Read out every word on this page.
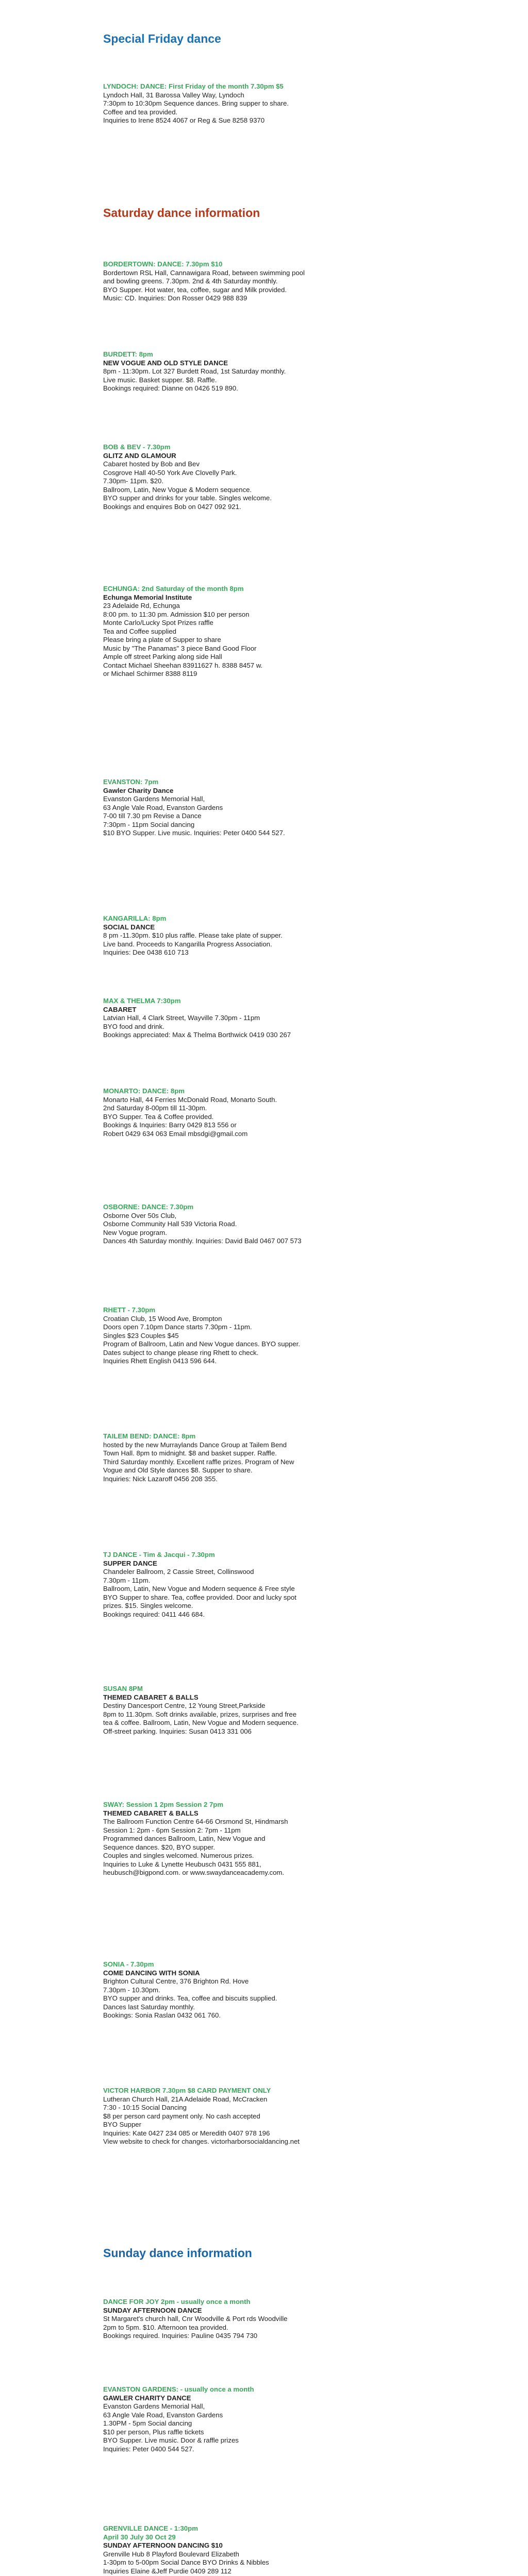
Special Friday dance
LYNDOCH: DANCE: First Friday of the month 7.30pm $5
Lyndoch Hall, 31 Barossa Valley Way, Lyndoch
7:30pm to 10:30pm Sequence dances. Bring supper to share.
Coffee and tea provided.
Inquiries to Irene 8524 4067 or Reg & Sue 8258 9370
Saturday dance information
BORDERTOWN: DANCE: 7.30pm $10
Bordertown RSL Hall, Cannawigara Road, between swimming pool
and bowling greens. 7.30pm. 2nd & 4th Saturday monthly.
BYO Supper. Hot water, tea, coffee, sugar and Milk provided.
Music: CD. Inquiries: Don Rosser 0429 988 839
BURDETT: 8pm
NEW VOGUE AND OLD STYLE DANCE
8pm - 11:30pm. Lot 327 Burdett Road, 1st Saturday monthly.
Live music. Basket supper. $8. Raffle.
Bookings required: Dianne on 0426 519 890.
BOB & BEV - 7.30pm
GLITZ AND GLAMOUR
Cabaret hosted by Bob and Bev
Cosgrove Hall 40-50 York Ave Clovelly Park.
7.30pm- 11pm. $20.
Ballroom, Latin, New Vogue & Modern sequence.
BYO supper and drinks for your table. Singles welcome.
Bookings and enquires Bob on 0427 092 921.
ECHUNGA: 2nd Saturday of the month 8pm
Echunga Memorial Institute
23 Adelaide Rd, Echunga
8:00 pm. to 11:30 pm. Admission $10 per person
Monte Carlo/Lucky Spot Prizes raffle
Tea and Coffee supplied
Please bring a plate of Supper to share
Music by "The Panamas" 3 piece Band Good Floor
Ample off street Parking along side Hall
Contact Michael Sheehan 83911627 h. 8388 8457 w.
or Michael Schirmer 8388 8119
EVANSTON: 7pm
Gawler Charity Dance
Evanston Gardens Memorial Hall,
63 Angle Vale Road, Evanston Gardens
7-00 till 7.30 pm Revise a Dance
7:30pm - 11pm Social dancing
$10 BYO Supper. Live music. Inquiries: Peter 0400 544 527.
KANGARILLA: 8pm
SOCIAL DANCE
8 pm -11.30pm. $10 plus raffle. Please take plate of supper.
Live band. Proceeds to Kangarilla Progress Association.
Inquiries: Dee 0438 610 713
MAX & THELMA 7:30pm
CABARET
Latvian Hall, 4 Clark Street, Wayville 7.30pm - 11pm
BYO food and drink.
Bookings appreciated: Max & Thelma Borthwick 0419 030 267
MONARTO: DANCE: 8pm
Monarto Hall, 44 Ferries McDonald Road, Monarto South.
2nd Saturday 8-00pm till 11-30pm.
BYO Supper. Tea & Coffee provided.
Bookings & Inquiries: Barry 0429 813 556 or
Robert 0429 634 063 Email mbsdgi@gmail.com
OSBORNE: DANCE: 7.30pm
Osborne Over 50s Club,
Osborne Community Hall 539 Victoria Road.
New Vogue program.
Dances 4th Saturday monthly. Inquiries: David Bald 0467 007 573
RHETT - 7.30pm
Croatian Club, 15 Wood Ave, Brompton
Doors open 7.10pm Dance starts 7.30pm - 11pm.
Singles $23 Couples $45
Program of Ballroom, Latin and New Vogue dances. BYO supper.
Dates subject to change please ring Rhett to check.
Inquiries Rhett English 0413 596 644.
TAILEM BEND: DANCE: 8pm
hosted by the new Murraylands Dance Group at Tailem Bend
Town Hall. 8pm to midnight. $8 and basket supper. Raffle.
Third Saturday monthly. Excellent raffle prizes. Program of New
Vogue and Old Style dances $8. Supper to share.
Inquiries: Nick Lazaroff 0456 208 355.
TJ DANCE - Tim & Jacqui - 7.30pm
SUPPER DANCE
Chandeler Ballroom, 2 Cassie Street, Collinswood
7.30pm - 11pm.
Ballroom, Latin, New Vogue and Modern sequence & Free style
BYO Supper to share. Tea, coffee provided. Door and lucky spot
prizes. $15. Singles welcome.
Bookings required: 0411 446 684.
SUSAN 8PM
THEMED CABARET & BALLS
Destiny Dancesport Centre, 12 Young Street,Parkside
8pm to 11.30pm. Soft drinks available, prizes, surprises and free
tea & coffee. Ballroom, Latin, New Vogue and Modern sequence.
Off-street parking. Inquiries: Susan 0413 331 006
SWAY: Session 1 2pm Session 2 7pm
THEMED CABARET & BALLS
The Ballroom Function Centre 64-66 Orsmond St, Hindmarsh
Session 1: 2pm - 6pm Session 2: 7pm - 11pm
Programmed dances Ballroom, Latin, New Vogue and
Sequence dances. $20, BYO supper.
Couples and singles welcomed. Numerous prizes.
Inquiries to Luke & Lynette Heubusch 0431 555 881,
heubusch@bigpond.com. or www.swaydanceacademy.com.
SONIA - 7.30pm
COME DANCING WITH SONIA
Brighton Cultural Centre, 376 Brighton Rd. Hove
7.30pm - 10.30pm.
BYO supper and drinks. Tea, coffee and biscuits supplied.
Dances last Saturday monthly.
Bookings: Sonia Raslan 0432 061 760.
VICTOR HARBOR 7.30pm $8 CARD PAYMENT ONLY
Lutheran Church Hall, 21A Adelaide Road, McCracken
7:30 - 10:15 Social Dancing
$8 per person card payment only. No cash accepted
BYO Supper
Inquiries: Kate 0427 234 085 or Meredith 0407 978 196
View website to check for changes. victorharborsocialdancing.net
Sunday dance information
DANCE FOR JOY 2pm - usually once a month
SUNDAY AFTERNOON DANCE
St Margaret's church hall, Cnr Woodville & Port rds Woodville
2pm to 5pm. $10. Afternoon tea provided.
Bookings required. Inquiries: Pauline 0435 794 730
EVANSTON GARDENS: - usually once a month
GAWLER CHARITY DANCE
Evanston Gardens Memorial Hall,
63 Angle Vale Road, Evanston Gardens
1.30PM - 5pm Social dancing
$10 per person, Plus raffle tickets
BYO Supper. Live music. Door & raffle prizes
Inquiries: Peter 0400 544 527.
GRENVILLE DANCE - 1:30pm
April 30 July 30 Oct 29
SUNDAY AFTERNOON DANCING $10
Grenville Hub 8 Playford Boulevard Elizabeth
1-30pm to 5-00pm Social Dance BYO Drinks & Nibbles
Inquiries Elaine &Jeff Purdie 0409 289 112
